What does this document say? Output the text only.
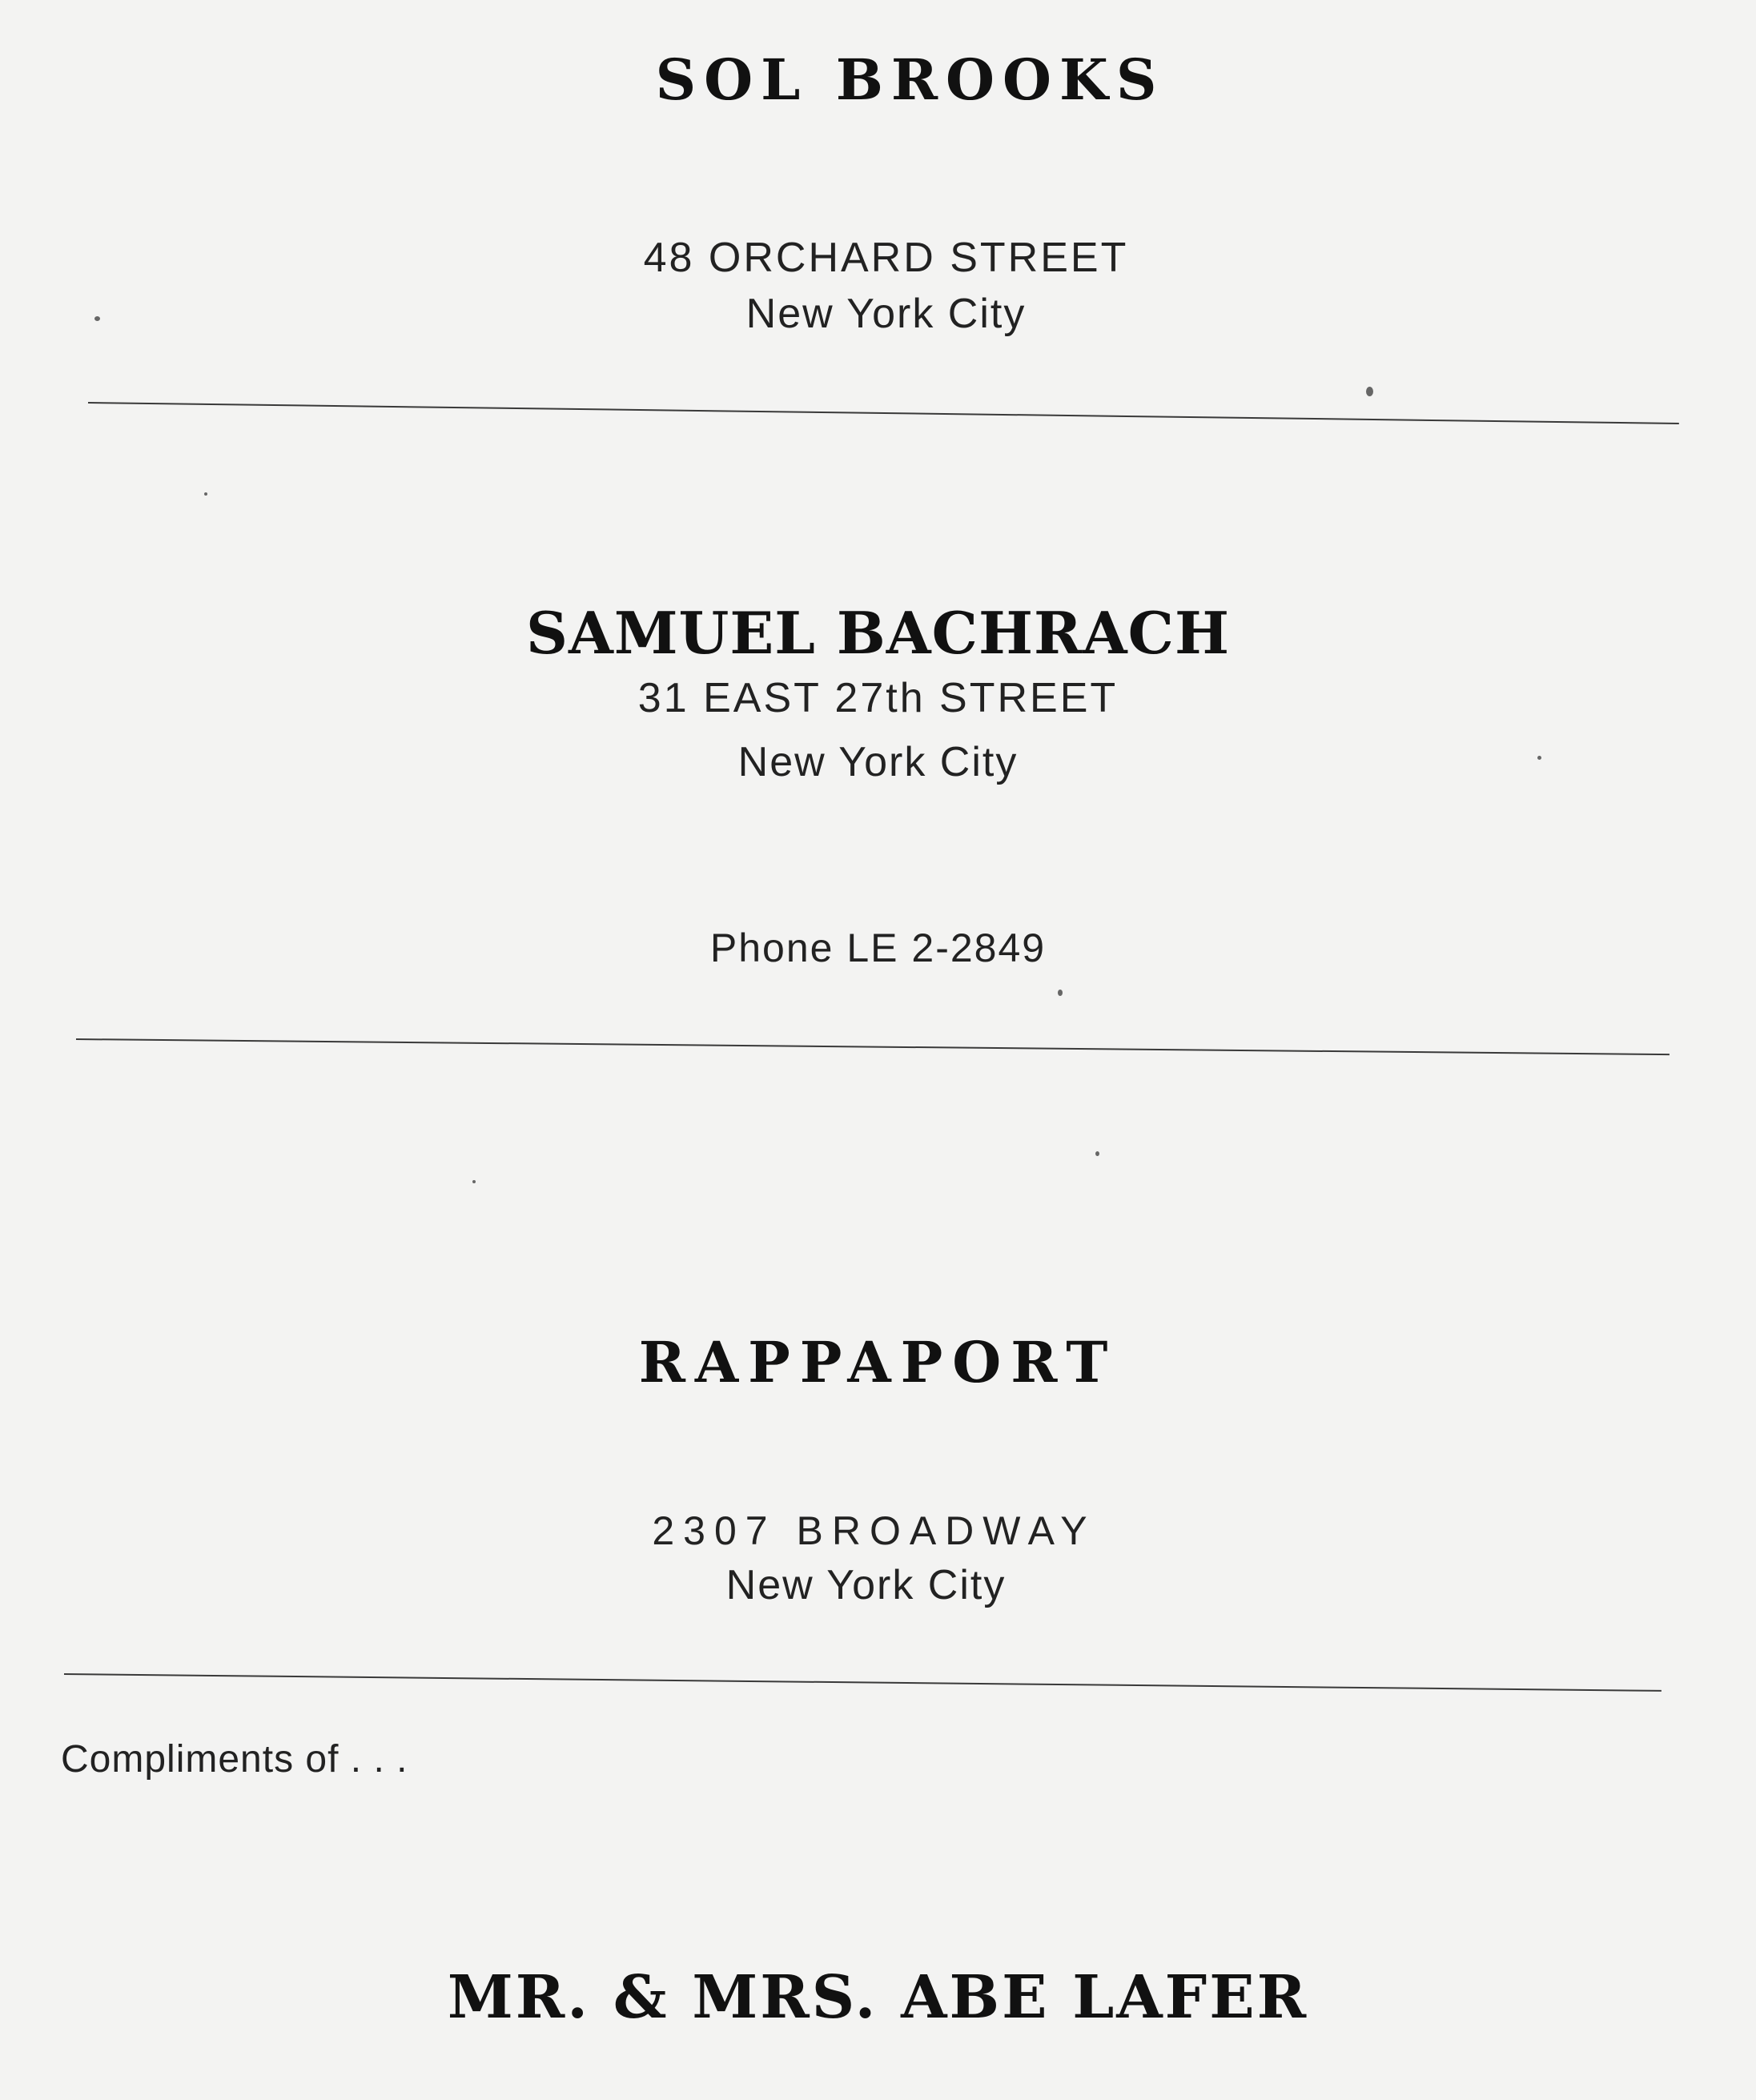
SOL BROOKS
48 ORCHARD STREET
New York City
SAMUEL BACHRACH
31 EAST 27th STREET
New York City
Phone LE 2-2849
RAPPAPORT
2307 BROADWAY
New York City
Compliments of . . .
MR. & MRS. ABE LAFER
